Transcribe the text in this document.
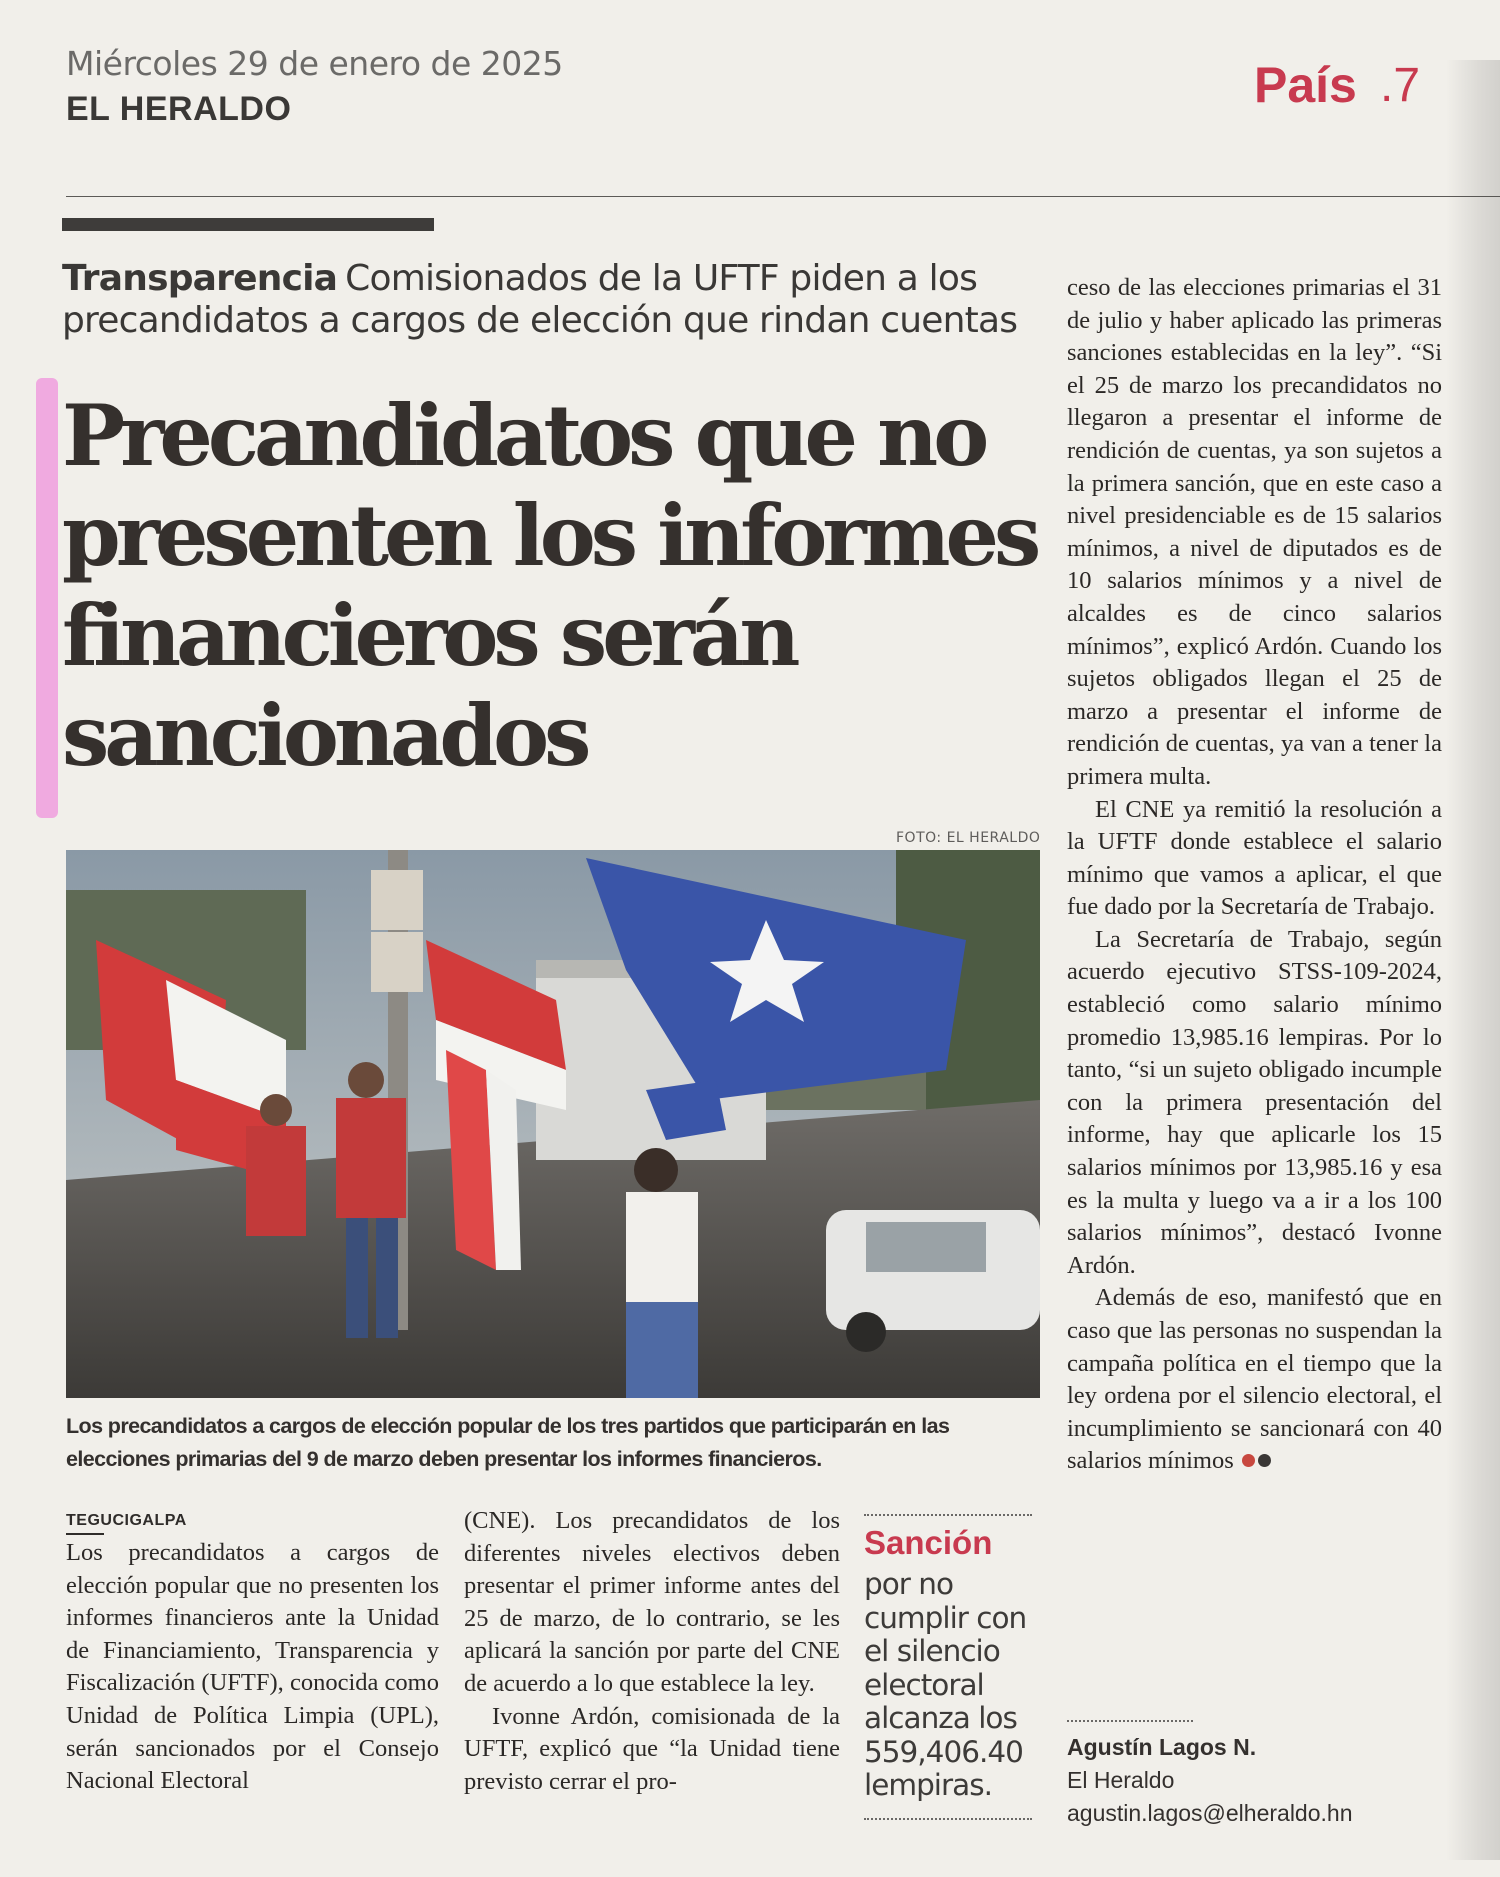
Miércoles 29 de enero de 2025
EL HERALDO	País .7
Transparencia Comisionados de la UFTF piden a los precandidatos a cargos de elección que rindan cuentas
Precandidatos que no presenten los informes financieros serán sancionados
FOTO: EL HERALDO
Los precandidatos a cargos de elección popular de los tres partidos que participarán en las elecciones primarias del 9 de marzo deben presentar los informes financieros.
TEGUCIGALPA

Los precandidatos a cargos de elección popular que no presenten los informes financieros ante la Unidad de Financiamiento, Transparencia y Fiscalización (UFTF), conocida como Unidad de Política Limpia (UPL), serán sancionados por el Consejo Nacional Electoral

(CNE). Los precandidatos de los diferentes niveles electivos deben presentar el primer informe antes del 25 de marzo, de lo contrario, se les aplicará la sanción por parte del CNE de acuerdo a lo que establece la ley.

Ivonne Ardón, comisionada de la UFTF, explicó que “la Unidad tiene previsto cerrar el pro-

Sanción
por no cumplir con el silencio electoral alcanza los 559,406.40 lempiras.

ceso de las elecciones primarias el 31 de julio y haber aplicado las primeras sanciones establecidas en la ley”. “Si el 25 de marzo los precandidatos no llegaron a presentar el informe de rendición de cuentas, ya son sujetos a la primera sanción, que en este caso a nivel presidenciable es de 15 salarios mínimos, a nivel de diputados es de 10 salarios mínimos y a nivel de alcaldes es de cinco salarios mínimos”, explicó Ardón. Cuando los sujetos obligados llegan el 25 de marzo a presentar el informe de rendición de cuentas, ya van a tener la primera multa.

El CNE ya remitió la resolución a la UFTF donde establece el salario mínimo que vamos a aplicar, el que fue dado por la Secretaría de Trabajo.

La Secretaría de Trabajo, según acuerdo ejecutivo STSS-109-2024, estableció como salario mínimo promedio 13,985.16 lempiras. Por lo tanto, “si un sujeto obligado incumple con la primera presentación del informe, hay que aplicarle los 15 salarios mínimos por 13,985.16 y esa es la multa y luego va a ir a los 100 salarios mínimos”, destacó Ivonne Ardón.

Además de eso, manifestó que en caso que las personas no suspendan la campaña política en el tiempo que la ley ordena por el silencio electoral, el incumplimiento se sancionará con 40 salarios mínimos

Agustín Lagos N.
El Heraldo
agustin.lagos@elheraldo.hn
